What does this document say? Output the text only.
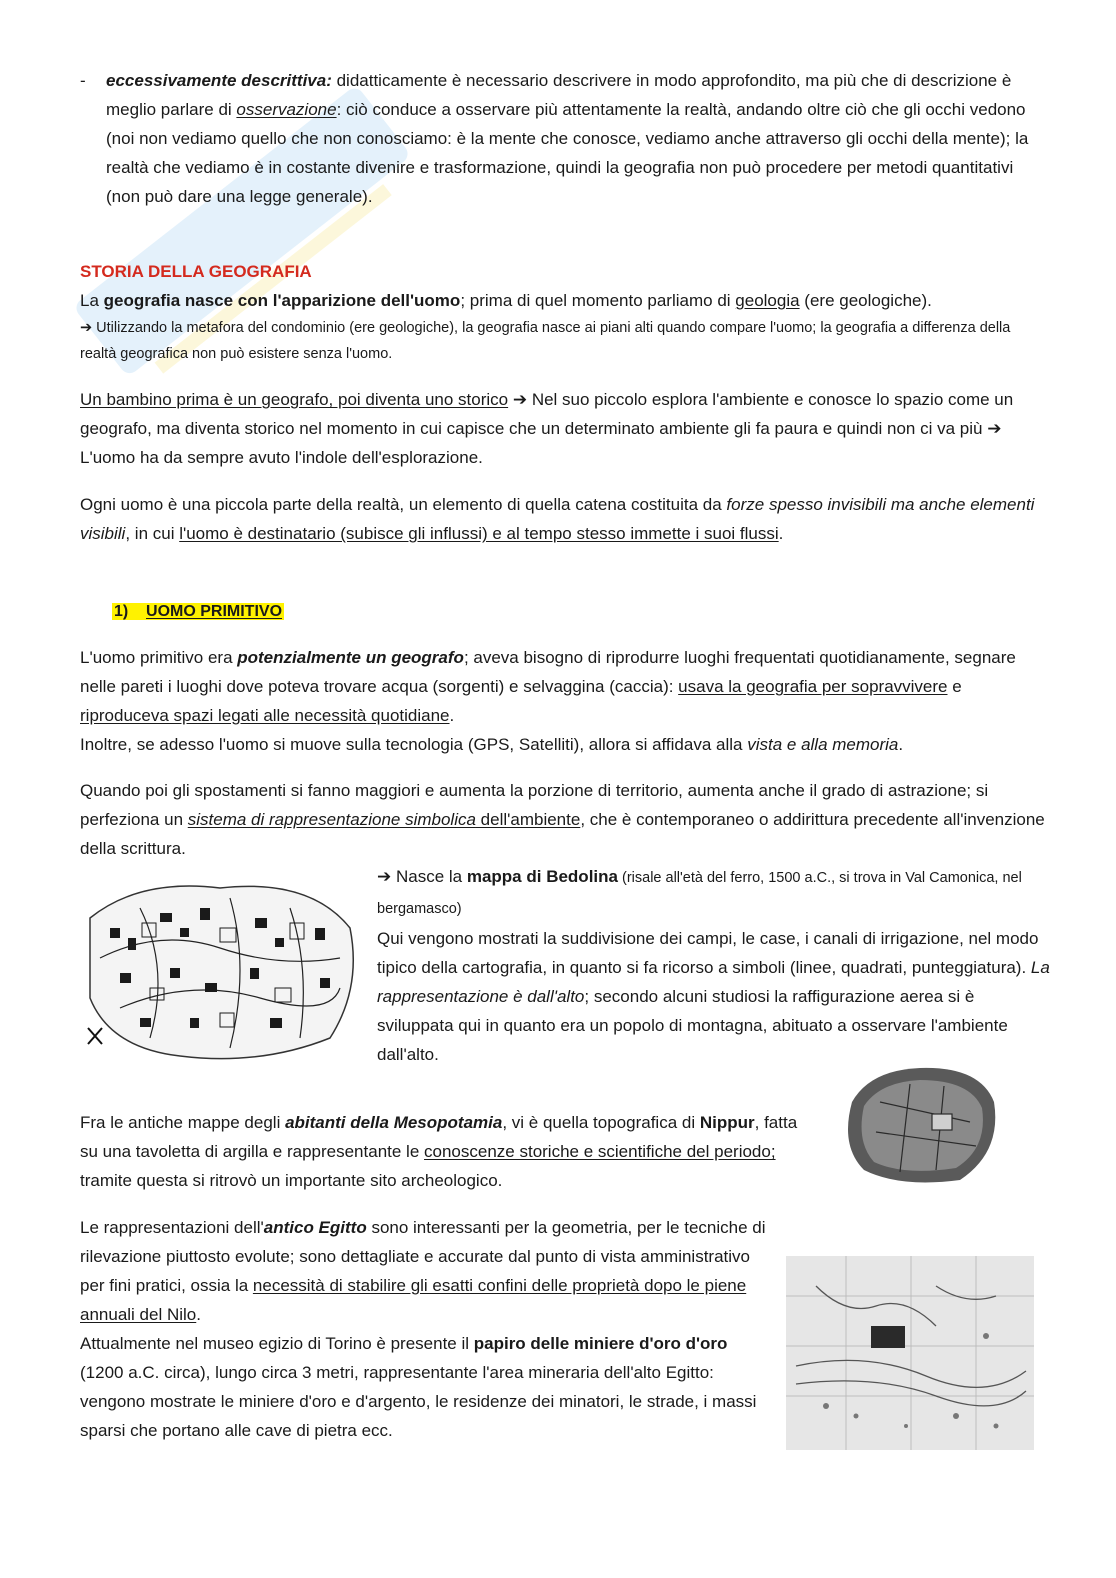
- eccessivamente descrittiva: didatticamente è necessario descrivere in modo approfondito, ma più che di descrizione è meglio parlare di osservazione: ciò conduce a osservare più attentamente la realtà, andando oltre ciò che gli occhi vedono (noi non vediamo quello che non conosciamo: è la mente che conosce, vediamo anche attraverso gli occhi della mente); la realtà che vediamo è in costante divenire e trasformazione, quindi la geografia non può procedere per metodi quantitativi (non può dare una legge generale).

STORIA DELLA GEOGRAFIA

La geografia nasce con l'apparizione dell'uomo; prima di quel momento parliamo di geologia (ere geologiche).

➔ Utilizzando la metafora del condominio (ere geologiche), la geografia nasce ai piani alti quando compare l'uomo; la geografia a differenza della realtà geografica non può esistere senza l'uomo.

Un bambino prima è un geografo, poi diventa uno storico ➔ Nel suo piccolo esplora l'ambiente e conosce lo spazio come un geografo, ma diventa storico nel momento in cui capisce che un determinato ambiente gli fa paura e quindi non ci va più ➔ L'uomo ha da sempre avuto l'indole dell'esplorazione.

Ogni uomo è una piccola parte della realtà, un elemento di quella catena costituita da forze spesso invisibili ma anche elementi visibili, in cui l'uomo è destinatario (subisce gli influssi) e al tempo stesso immette i suoi flussi.

1) UOMO PRIMITIVO

L'uomo primitivo era potenzialmente un geografo; aveva bisogno di riprodurre luoghi frequentati quotidianamente, segnare nelle pareti i luoghi dove poteva trovare acqua (sorgenti) e selvaggina (caccia): usava la geografia per sopravvivere e riproduceva spazi legati alle necessità quotidiane.
Inoltre, se adesso l'uomo si muove sulla tecnologia (GPS, Satelliti), allora si affidava alla vista e alla memoria.

Quando poi gli spostamenti si fanno maggiori e aumenta la porzione di territorio, aumenta anche il grado di astrazione; si perfeziona un sistema di rappresentazione simbolica dell'ambiente, che è contemporaneo o addirittura precedente all'invenzione della scrittura.

➔ Nasce la mappa di Bedolina (risale all'età del ferro, 1500 a.C., si trova in Val Camonica, nel bergamasco)
Qui vengono mostrati la suddivisione dei campi, le case, i canali di irrigazione, nel modo tipico della cartografia, in quanto si fa ricorso a simboli (linee, quadrati, punteggiatura). La rappresentazione è dall'alto; secondo alcuni studiosi la raffigurazione aerea si è sviluppata qui in quanto era un popolo di montagna, abituato a osservare l'ambiente dall'alto.

Fra le antiche mappe degli abitanti della Mesopotamia, vi è quella topografica di Nippur, fatta su una tavoletta di argilla e rappresentante le conoscenze storiche e scientifiche del periodo; tramite questa si ritrovò un importante sito archeologico.

Le rappresentazioni dell'antico Egitto sono interessanti per la geometria, per le tecniche di rilevazione piuttosto evolute; sono dettagliate e accurate dal punto di vista amministrativo per fini pratici, ossia la necessità di stabilire gli esatti confini delle proprietà dopo le piene annuali del Nilo.
Attualmente nel museo egizio di Torino è presente il papiro delle miniere d'oro d'oro (1200 a.C. circa), lungo circa 3 metri, rappresentante l'area mineraria dell'alto Egitto: vengono mostrate le miniere d'oro e d'argento, le residenze dei minatori, le strade, i massi sparsi che portano alle cave di pietra ecc.
